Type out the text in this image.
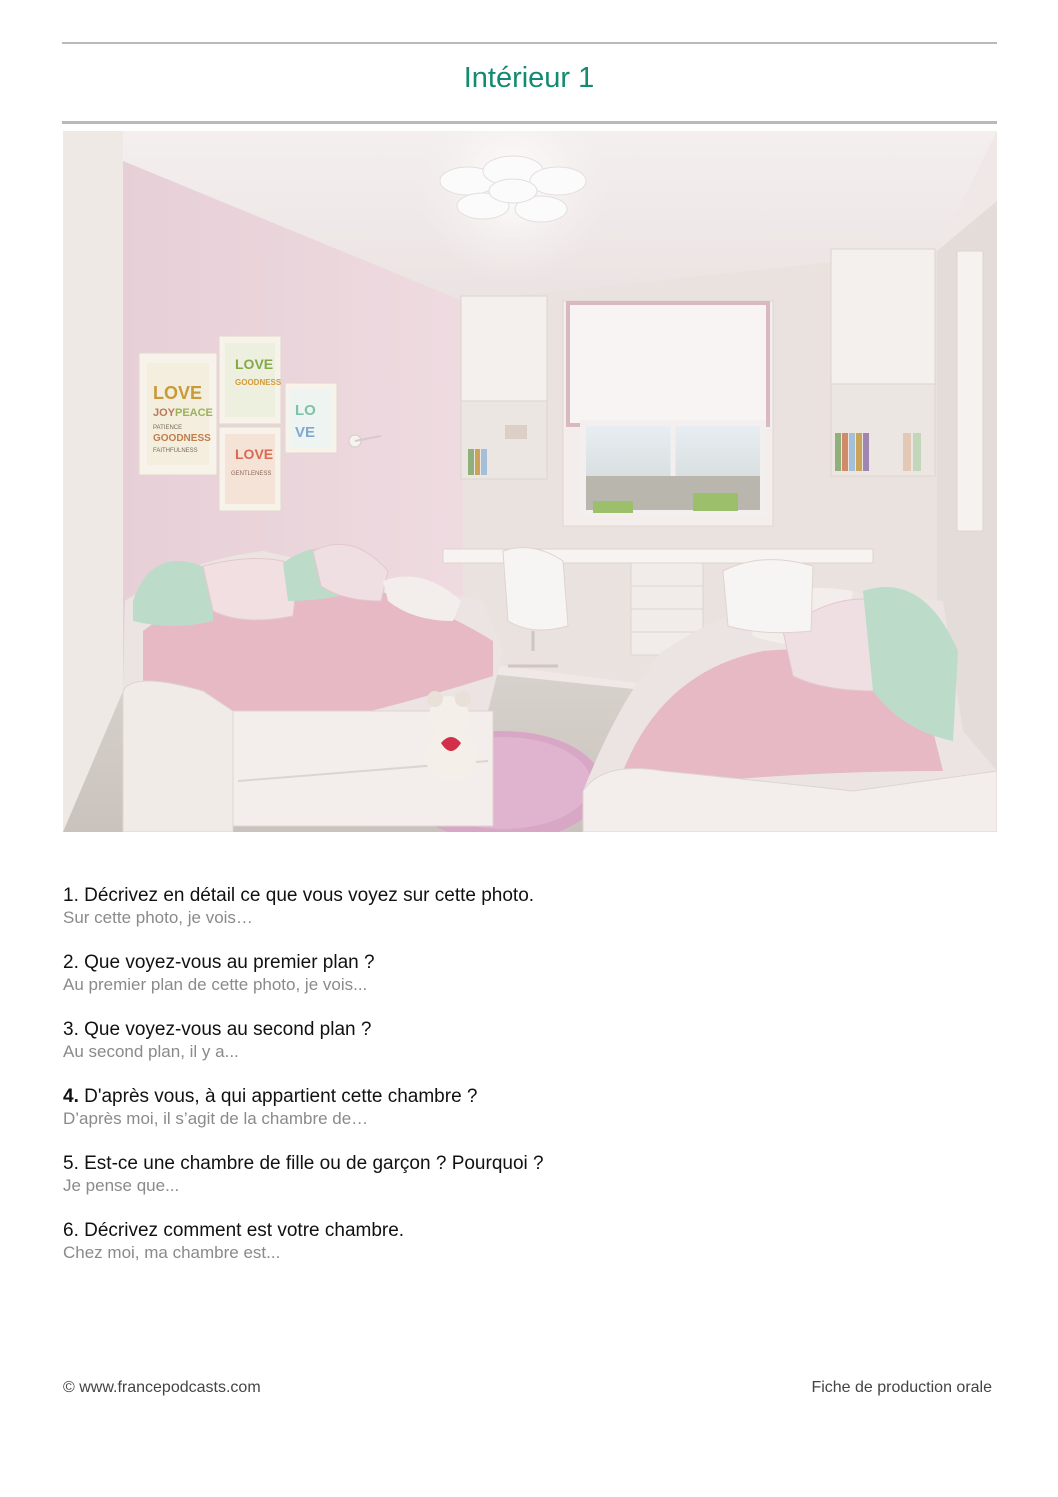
Intérieur 1
LOVE
JOY PEACE
PATIENCE
GOODNESS
FAITHFULNESS
LOVE
GOODNESS
LOVE
GENTLENESS
LO
VE
1. Décrivez en détail ce que vous voyez sur cette photo.
Sur cette photo, je vois…
2. Que voyez-vous au premier plan ?
Au premier plan de cette photo, je vois...
3. Que voyez-vous au second plan ?
Au second plan, il y a...
4. D'après vous, à qui appartient cette chambre ?
D’après moi, il s’agit de la chambre de…
5. Est-ce une chambre de fille ou de garçon ? Pourquoi ?
Je pense que...
6. Décrivez comment est votre chambre.
Chez moi, ma chambre est...
© www.francepodcasts.com	Fiche de production orale
